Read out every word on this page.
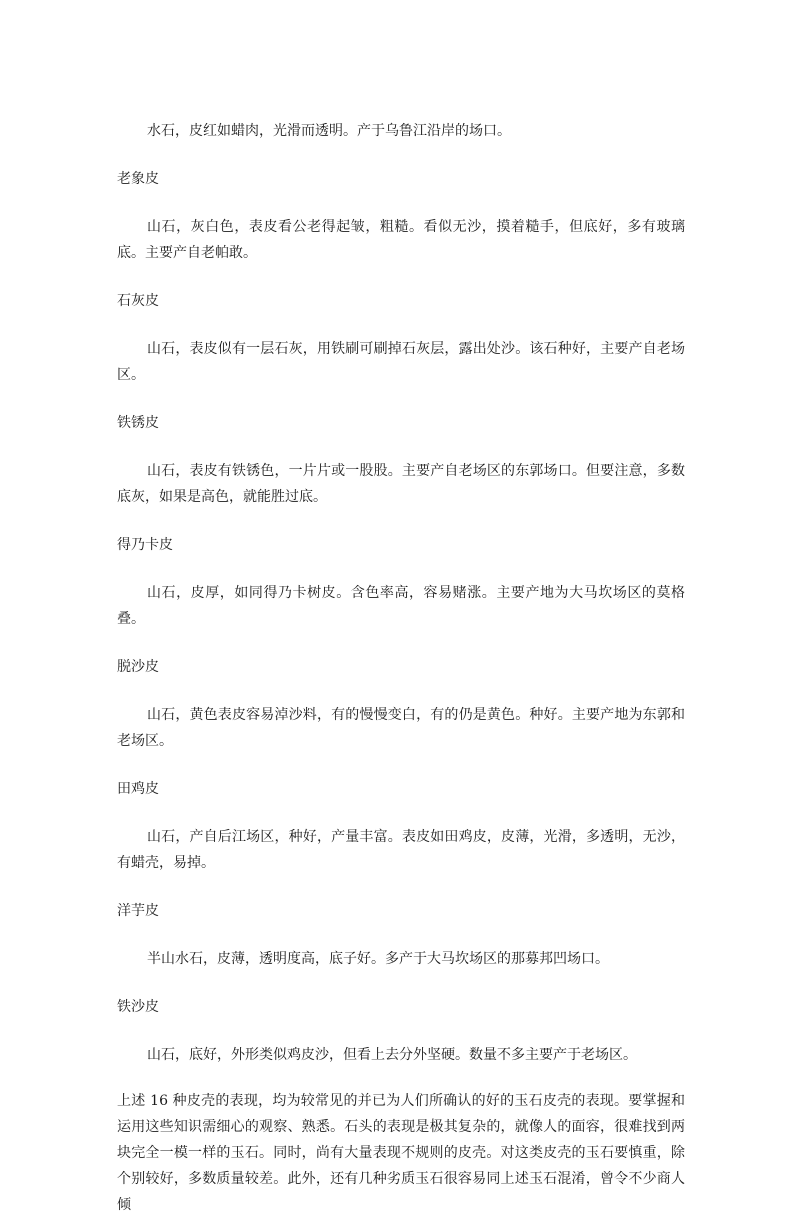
水石，皮红如蜡肉，光滑而透明。产于乌鲁江沿岸的场口。

老象皮

山石，灰白色，表皮看公老得起皱，粗糙。看似无沙，摸着糙手，但底好，多有玻璃底。主要产自老帕敢。

石灰皮

山石，表皮似有一层石灰，用铁刷可刷掉石灰层，露出处沙。该石种好，主要产自老场区。

铁锈皮

山石，表皮有铁锈色，一片片或一股股。主要产自老场区的东郭场口。但要注意，多数底灰，如果是高色，就能胜过底。

得乃卡皮

山石，皮厚，如同得乃卡树皮。含色率高，容易赌涨。主要产地为大马坎场区的莫格叠。

脱沙皮

山石，黄色表皮容易淖沙料，有的慢慢变白，有的仍是黄色。种好。主要产地为东郭和老场区。

田鸡皮

山石，产自后江场区，种好，产量丰富。表皮如田鸡皮，皮薄，光滑，多透明，无沙，有蜡壳，易掉。

洋芋皮

半山水石，皮薄，透明度高，底子好。多产于大马坎场区的那募邦凹场口。

铁沙皮

山石，底好，外形类似鸡皮沙，但看上去分外坚硬。数量不多主要产于老场区。

上述 16 种皮壳的表现，均为较常见的并已为人们所确认的好的玉石皮壳的表现。要掌握和运用这些知识需细心的观察、熟悉。石头的表现是极其复杂的，就像人的面容，很难找到两块完全一模一样的玉石。同时，尚有大量表现不规则的皮壳。对这类皮壳的玉石要慎重，除个别较好，多数质量较差。此外，还有几种劣质玉石很容易同上述玉石混淆，曾令不少商人倾
